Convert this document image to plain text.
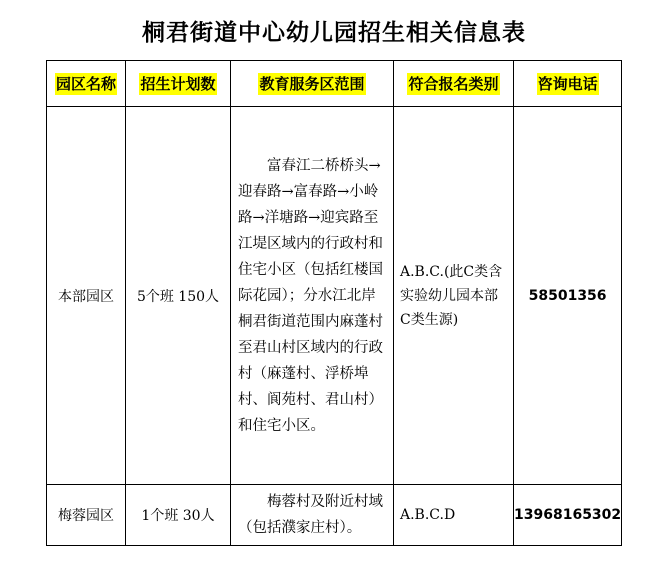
桐君街道中心幼儿园招生相关信息表
园区名称	招生计划数	教育服务区范围	符合报名类别	咨询电话
本部园区	5个班 150人	富春江二桥桥头→迎春路→富春路→小岭路→洋塘路→迎宾路至江堤区域内的行政村和住宅小区（包括红楼国际花园）；分水江北岸桐君街道范围内麻蓬村至君山村区域内的行政村（麻蓬村、浮桥埠村、阆苑村、君山村）和住宅小区。	A.B.C.(此C类含实验幼儿园本部C类生源)	58501356
梅蓉园区	1个班 30人	梅蓉村及附近村域（包括濮家庄村）。	A.B.C.D	13968165302
